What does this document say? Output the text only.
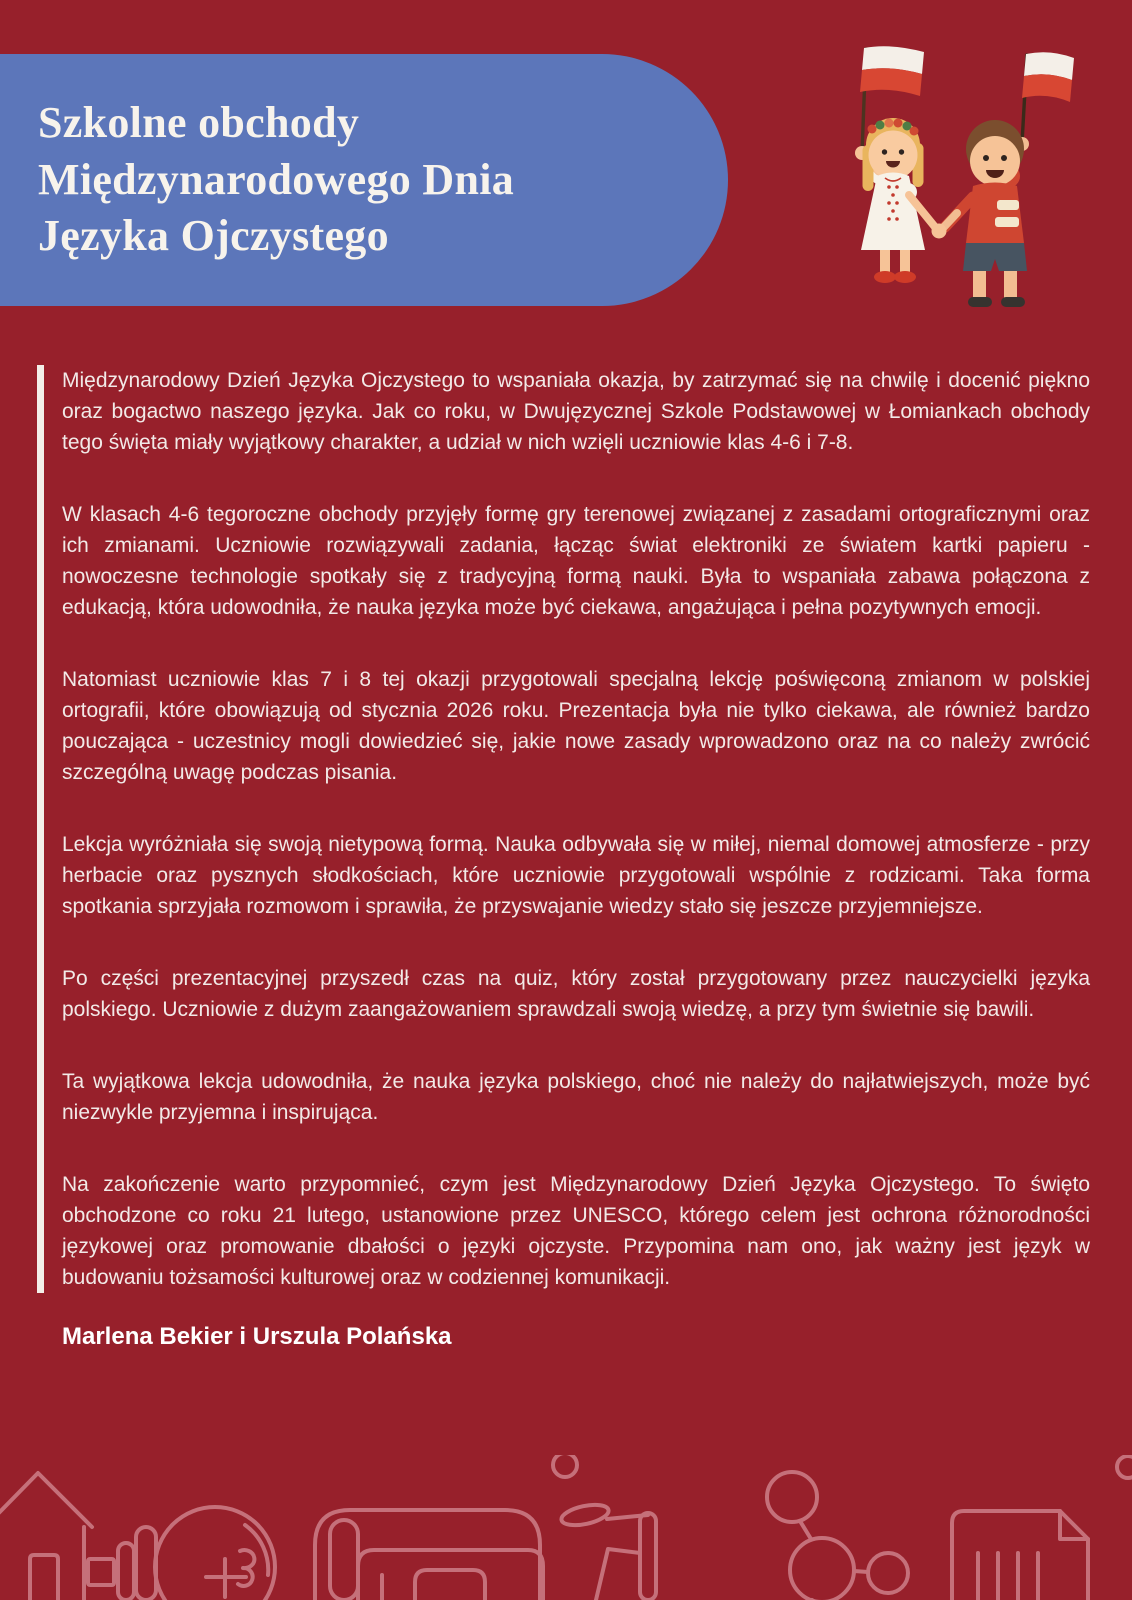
Szkolne obchody
Międzynarodowego Dnia
Języka Ojczystego

Międzynarodowy Dzień Języka Ojczystego to wspaniała okazja, by zatrzymać się na chwilę i docenić piękno oraz bogactwo naszego języka. Jak co roku, w Dwujęzycznej Szkole Podstawowej w Łomiankach obchody tego święta miały wyjątkowy charakter, a udział w nich wzięli uczniowie klas 4-6 i 7-8.

W klasach 4-6 tegoroczne obchody przyjęły formę gry terenowej związanej z zasadami ortograficznymi oraz ich zmianami. Uczniowie rozwiązywali zadania, łącząc świat elektroniki ze światem kartki papieru - nowoczesne technologie spotkały się z tradycyjną formą nauki. Była to wspaniała zabawa połączona z edukacją, która udowodniła, że nauka języka może być ciekawa, angażująca i pełna pozytywnych emocji.

Natomiast uczniowie klas 7 i 8 tej okazji przygotowali specjalną lekcję poświęconą zmianom w polskiej ortografii, które obowiązują od stycznia 2026 roku. Prezentacja była nie tylko ciekawa, ale również bardzo pouczająca - uczestnicy mogli dowiedzieć się, jakie nowe zasady wprowadzono oraz na co należy zwrócić szczególną uwagę podczas pisania.

Lekcja wyróżniała się swoją nietypową formą. Nauka odbywała się w miłej, niemal domowej atmosferze - przy herbacie oraz pysznych słodkościach, które uczniowie przygotowali wspólnie z rodzicami. Taka forma spotkania sprzyjała rozmowom i sprawiła, że przyswajanie wiedzy stało się jeszcze przyjemniejsze.

Po części prezentacyjnej przyszedł czas na quiz, który został przygotowany przez nauczycielki języka polskiego. Uczniowie z dużym zaangażowaniem sprawdzali swoją wiedzę, a przy tym świetnie się bawili.

Ta wyjątkowa lekcja udowodniła, że nauka języka polskiego, choć nie należy do najłatwiejszych, może być niezwykle przyjemna i inspirująca.

Na zakończenie warto przypomnieć, czym jest Międzynarodowy Dzień Języka Ojczystego. To święto obchodzone co roku 21 lutego, ustanowione przez UNESCO, którego celem jest ochrona różnorodności językowej oraz promowanie dbałości o języki ojczyste. Przypomina nam ono, jak ważny jest język w budowaniu tożsamości kulturowej oraz w codziennej komunikacji.

Marlena Bekier i Urszula Polańska
